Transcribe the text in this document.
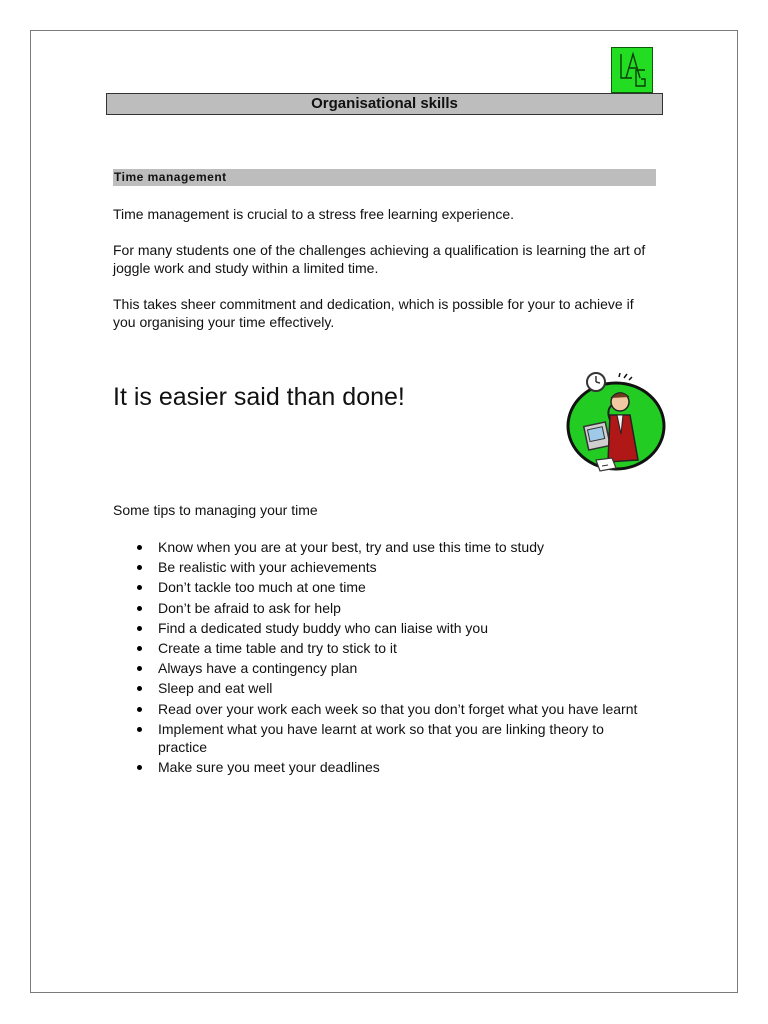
Organisational skills
Time management

Time management is crucial to a stress free learning experience.

For many students one of the challenges achieving a qualification is learning the art of joggle work and study within a limited time.

This takes sheer commitment and dedication, which is possible for your to achieve if you organising your time effectively.

It is easier said than done!

Some tips to managing your time

Know when you are at your best, try and use this time to study
Be realistic with your achievements
Don’t tackle too much at one time
Don’t be afraid to ask for help
Find a dedicated study buddy who can liaise with you
Create a time table and try to stick to it
Always have a contingency plan
Sleep and eat well
Read over your work each week so that you don’t forget what you have learnt
Implement what you have learnt at work so that you are linking theory to practice
Make sure you meet your deadlines
